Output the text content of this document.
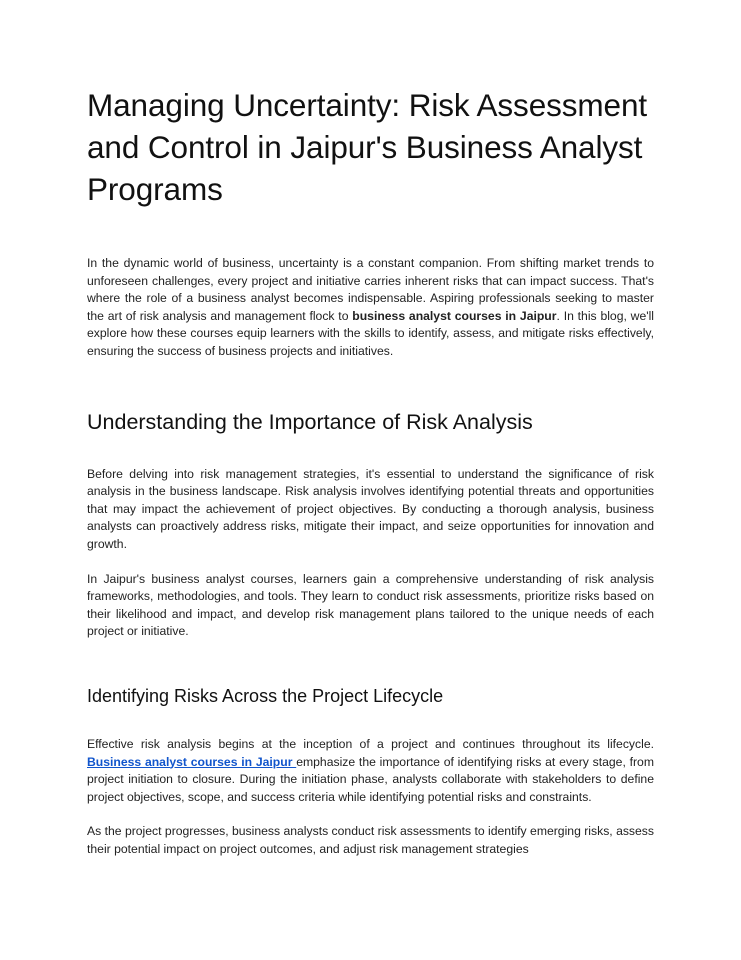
Managing Uncertainty: Risk Assessment and Control in Jaipur's Business Analyst Programs

In the dynamic world of business, uncertainty is a constant companion. From shifting market trends to unforeseen challenges, every project and initiative carries inherent risks that can impact success. That's where the role of a business analyst becomes indispensable. Aspiring professionals seeking to master the art of risk analysis and management flock to business analyst courses in Jaipur. In this blog, we'll explore how these courses equip learners with the skills to identify, assess, and mitigate risks effectively, ensuring the success of business projects and initiatives.

Understanding the Importance of Risk Analysis

Before delving into risk management strategies, it's essential to understand the significance of risk analysis in the business landscape. Risk analysis involves identifying potential threats and opportunities that may impact the achievement of project objectives. By conducting a thorough analysis, business analysts can proactively address risks, mitigate their impact, and seize opportunities for innovation and growth.

In Jaipur's business analyst courses, learners gain a comprehensive understanding of risk analysis frameworks, methodologies, and tools. They learn to conduct risk assessments, prioritize risks based on their likelihood and impact, and develop risk management plans tailored to the unique needs of each project or initiative.

Identifying Risks Across the Project Lifecycle

Effective risk analysis begins at the inception of a project and continues throughout its lifecycle. Business analyst courses in Jaipur emphasize the importance of identifying risks at every stage, from project initiation to closure. During the initiation phase, analysts collaborate with stakeholders to define project objectives, scope, and success criteria while identifying potential risks and constraints.

As the project progresses, business analysts conduct risk assessments to identify emerging risks, assess their potential impact on project outcomes, and adjust risk management strategies
